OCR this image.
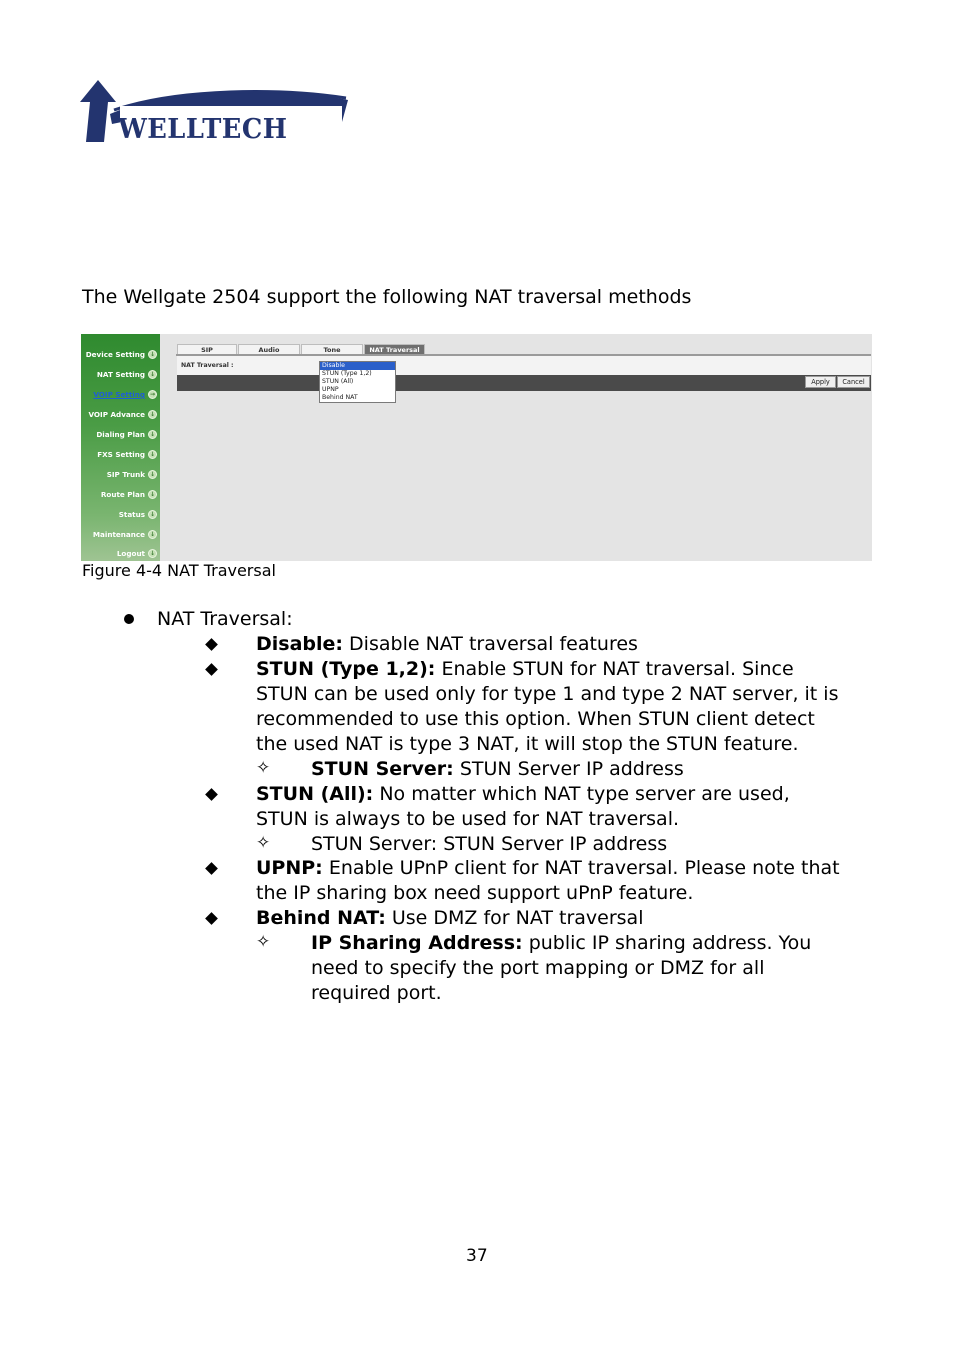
WELLTECH
The Wellgate 2504 support the following NAT traversal methods
Device Setting ↓
NAT Setting ↓
VOIP Setting →
VOIP Advance ↓
Dialing Plan ↓
FXS Setting ↓
SIP Trunk ↓
Route Plan ↓
Status ↓
Maintenance ↓
Logout ↓
SIP	Audio	Tone	NAT Traversal
NAT Traversal :
Apply	Cancel
Disable
STUN (Type 1,2)
STUN (All)
UPNP
Behind NAT
Figure 4-4 NAT Traversal
NAT Traversal:
Disable: Disable NAT traversal features
STUN (Type 1,2): Enable STUN for NAT traversal. Since
STUN can be used only for type 1 and type 2 NAT server, it is
recommended to use this option. When STUN client detect
the used NAT is type 3 NAT, it will stop the STUN feature.
✧ STUN Server: STUN Server IP address
STUN (All): No matter which NAT type server are used,
STUN is always to be used for NAT traversal.
✧ STUN Server: STUN Server IP address
UPNP: Enable UPnP client for NAT traversal. Please note that
the IP sharing box need support uPnP feature.
Behind NAT: Use DMZ for NAT traversal
✧ IP Sharing Address: public IP sharing address. You
need to specify the port mapping or DMZ for all
required port.
37
